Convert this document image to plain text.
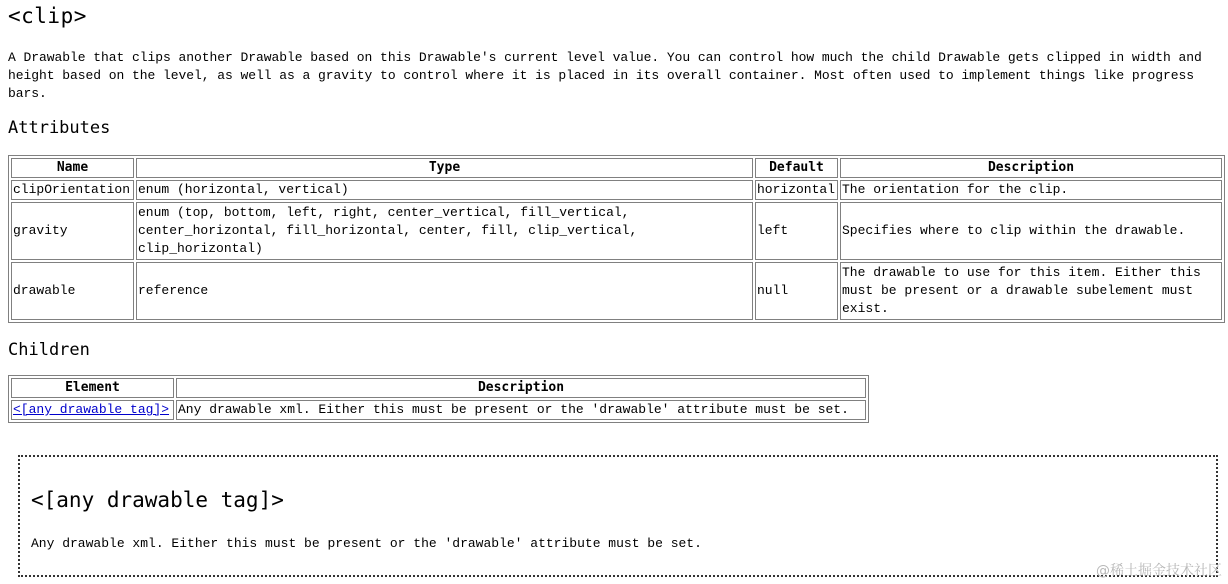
<clip>

A Drawable that clips another Drawable based on this Drawable's current level value. You can control how much the child Drawable gets clipped in width and height based on the level, as well as a gravity to control where it is placed in its overall container. Most often used to implement things like progress bars.

Attributes
Name	Type	Default	Description
clipOrientation	enum (horizontal, vertical)	horizontal	The orientation for the clip.
gravity	enum (top, bottom, left, right, center_vertical, fill_vertical, center_horizontal, fill_horizontal, center, fill, clip_vertical, clip_horizontal)	left	Specifies where to clip within the drawable.
drawable	reference	null	The drawable to use for this item. Either this must be present or a drawable subelement must exist.
Children
Element	Description
<[any drawable tag]>	Any drawable xml. Either this must be present or the 'drawable' attribute must be set.
<[any drawable tag]>

Any drawable xml. Either this must be present or the 'drawable' attribute must be set.

@稀土掘金技术社区
